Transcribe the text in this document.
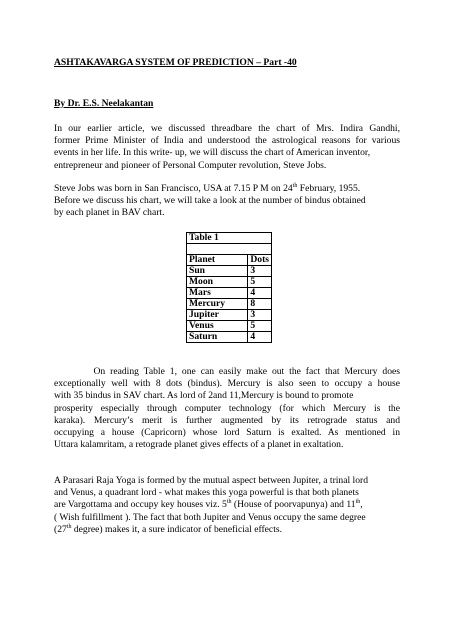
ASHTAKAVARGA SYSTEM OF PREDICTION – Part -40
By Dr. E.S. Neelakantan
In our earlier article, we discussed threadbare the chart of Mrs. Indira Gandhi,
former Prime Minister of India and understood the astrological reasons for various
events in her life. In this write- up, we will discuss the chart of American inventor,
entrepreneur and pioneer of Personal Computer revolution, Steve Jobs.
Steve Jobs was born in San Francisco, USA at 7.15 P M on 24th February, 1955.
Before we discuss his chart, we will take a look at the number of bindus obtained
by each planet in BAV chart.
Table 1	

Planet	Dots
Sun	3
Moon	5
Mars	4
Mercury	8
Jupiter	3
Venus	5
Saturn	4
On reading Table 1, one can easily make out the fact that Mercury does
exceptionally well with 8 dots (bindus). Mercury is also seen to occupy a house
with 35 bindus in SAV chart. As lord of 2and 11,Mercury is bound to promote
prosperity especially through computer technology (for which Mercury is the
karaka). Mercury’s merit is further augmented by its retrograde status and
occupying a house (Capricorn) whose lord Saturn is exalted. As mentioned in
Uttara kalamritam, a retograde planet gives effects of a planet in exaltation.
A Parasari Raja Yoga is formed by the mutual aspect between Jupiter, a trinal lord
and Venus, a quadrant lord - what makes this yoga powerful is that both planets
are Vargottama and occupy key houses viz. 5th (House of poorvapunya) and 11th,
( Wish fulfillment ). The fact that both Jupiter and Venus occupy the same degree
(27th degree) makes it, a sure indicator of beneficial effects.
